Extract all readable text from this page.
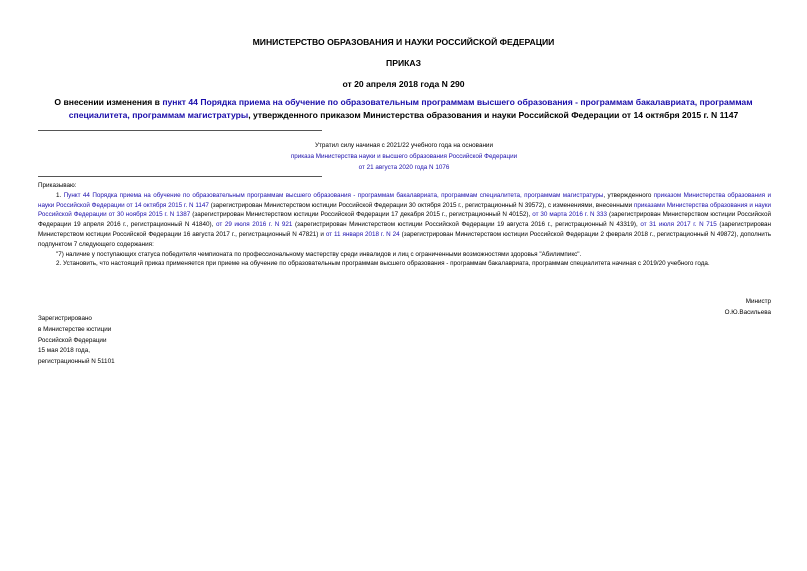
МИНИСТЕРСТВО ОБРАЗОВАНИЯ И НАУКИ РОССИЙСКОЙ ФЕДЕРАЦИИ
ПРИКАЗ
от 20 апреля 2018 года N 290
О внесении изменения в пункт 44 Порядка приема на обучение по образовательным программам высшего образования - программам бакалавриата, программам специалитета, программам магистратуры, утвержденного приказом Министерства образования и науки Российской Федерации от 14 октября 2015 г. N 1147
Утратил силу начиная с 2021/22 учебного года на основании
приказа Министерства науки и высшего образования Российской Федерации
от 21 августа 2020 года N 1076

Приказываю:

1. Пункт 44 Порядка приема на обучение по образовательным программам высшего образования - программам бакалавриата, программам специалитета, программам магистратуры, утвержденного приказом Министерства образования и науки Российской Федерации от 14 октября 2015 г. N 1147 (зарегистрирован Министерством юстиции Российской Федерации 30 октября 2015 г., регистрационный N 39572), с изменениями, внесенными приказами Министерства образования и науки Российской Федерации от 30 ноября 2015 г. N 1387 (зарегистрирован Министерством юстиции Российской Федерации 17 декабря 2015 г., регистрационный N 40152), от 30 марта 2016 г. N 333 (зарегистрирован Министерством юстиции Российской Федерации 19 апреля 2016 г., регистрационный N 41840), от 29 июля 2016 г. N 921 (зарегистрирован Министерством юстиции Российской Федерации 19 августа 2016 г., регистрационный N 43319), от 31 июля 2017 г. N 715 (зарегистрирован Министерством юстиции Российской Федерации 16 августа 2017 г., регистрационный N 47821) и от 11 января 2018 г. N 24 (зарегистрирован Министерством юстиции Российской Федерации 2 февраля 2018 г., регистрационный N 49872), дополнить подпунктом 7 следующего содержания:

"7) наличие у поступающих статуса победителя чемпионата по профессиональному мастерству среди инвалидов и лиц с ограниченными возможностями здоровья "Абилимпикс".

2. Установить, что настоящий приказ применяется при приеме на обучение по образовательным программам высшего образования - программам бакалавриата, программам специалитета начиная с 2019/20 учебного года.

Министр
О.Ю.Васильева
Зарегистрировано
в Министерстве юстиции
Российской Федерации
15 мая 2018 года,
регистрационный N 51101
